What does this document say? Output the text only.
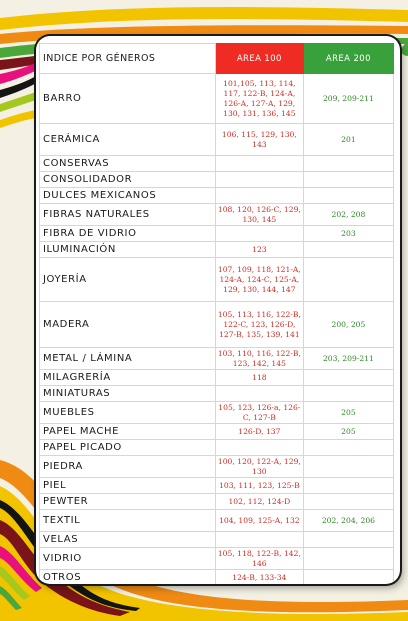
INDICE POR GÉNEROS	AREA 100	AREA 200
BARRO	101,105, 113, 114, 117, 122-B, 124-A, 126-A, 127-A, 129, 130, 131, 136, 145	209, 209-211
CERÁMICA	106, 115, 129, 130, 143	201
CONSERVAS		
CONSOLIDADOR		
DULCES MEXICANOS		
FIBRAS NATURALES	108, 120, 126-C, 129, 130, 145	202, 208
FIBRA DE VIDRIO		203
ILUMINACIÓN	123	
JOYERÍA	107, 109, 118, 121-A, 124-A, 124-C, 125-A, 129, 130, 144, 147	
MADERA	105, 113, 116, 122-B, 122-C, 123, 126-D, 127-B, 135, 139, 141	200, 205
METAL / LÁMINA	103, 110, 116, 122-B, 123, 142, 145	203, 209-211
MILAGRERÍA	118	
MINIATURAS		
MUEBLES	105, 123, 126-a, 126-C, 127-B	205
PAPEL MACHE	126-D, 137	205
PAPEL PICADO		
PIEDRA	100, 120, 122-A, 129, 130	
PIEL	103, 111, 123, 125-B	
PEWTER	102, 112, 124-D	
TEXTIL	104, 109, 125-A, 132	202, 204, 206
VELAS		
VIDRIO	105, 118, 122-B, 142, 146	
OTROS	124-B, 133-34	
